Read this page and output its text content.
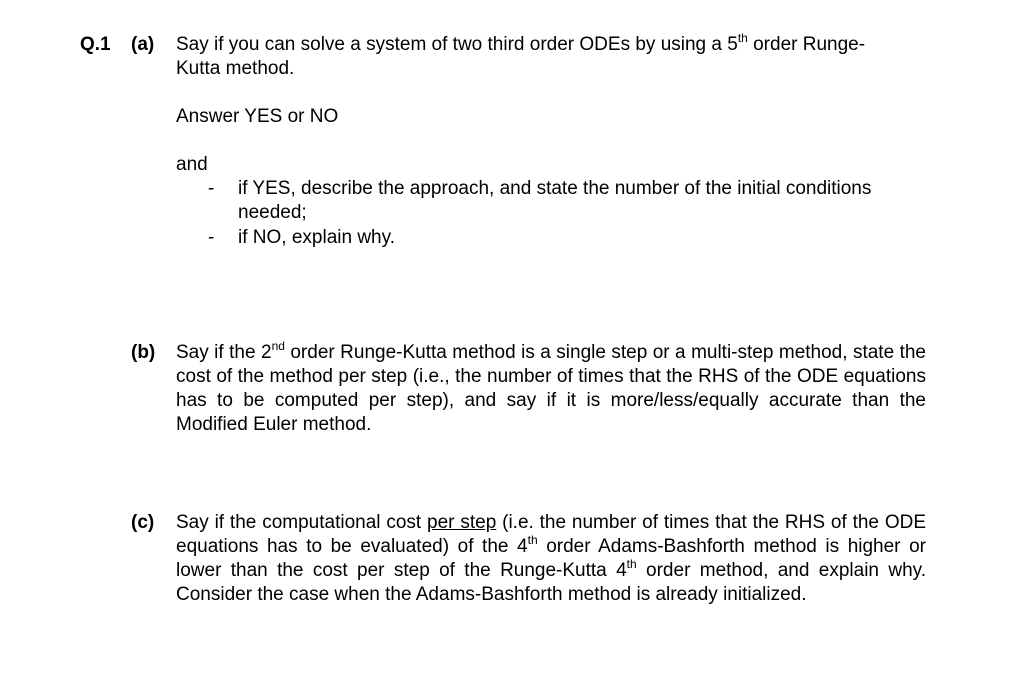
Q.1 (a) Say if you can solve a system of two third order ODEs by using a 5th order Runge-
Kutta method.
Answer YES or NO
and
- if YES, describe the approach, and state the number of the initial conditions needed;
- if NO, explain why.
(b) Say if the 2nd order Runge-Kutta method is a single step or a multi-step method, state the cost of the method per step (i.e., the number of times that the RHS of the ODE equations has to be computed per step), and say if it is more/less/equally accurate than the Modified Euler method.
(c) Say if the computational cost per step (i.e. the number of times that the RHS of the ODE equations has to be evaluated) of the 4th order Adams-Bashforth method is higher or lower than the cost per step of the Runge-Kutta 4th order method, and explain why. Consider the case when the Adams-Bashforth method is already initialized.
